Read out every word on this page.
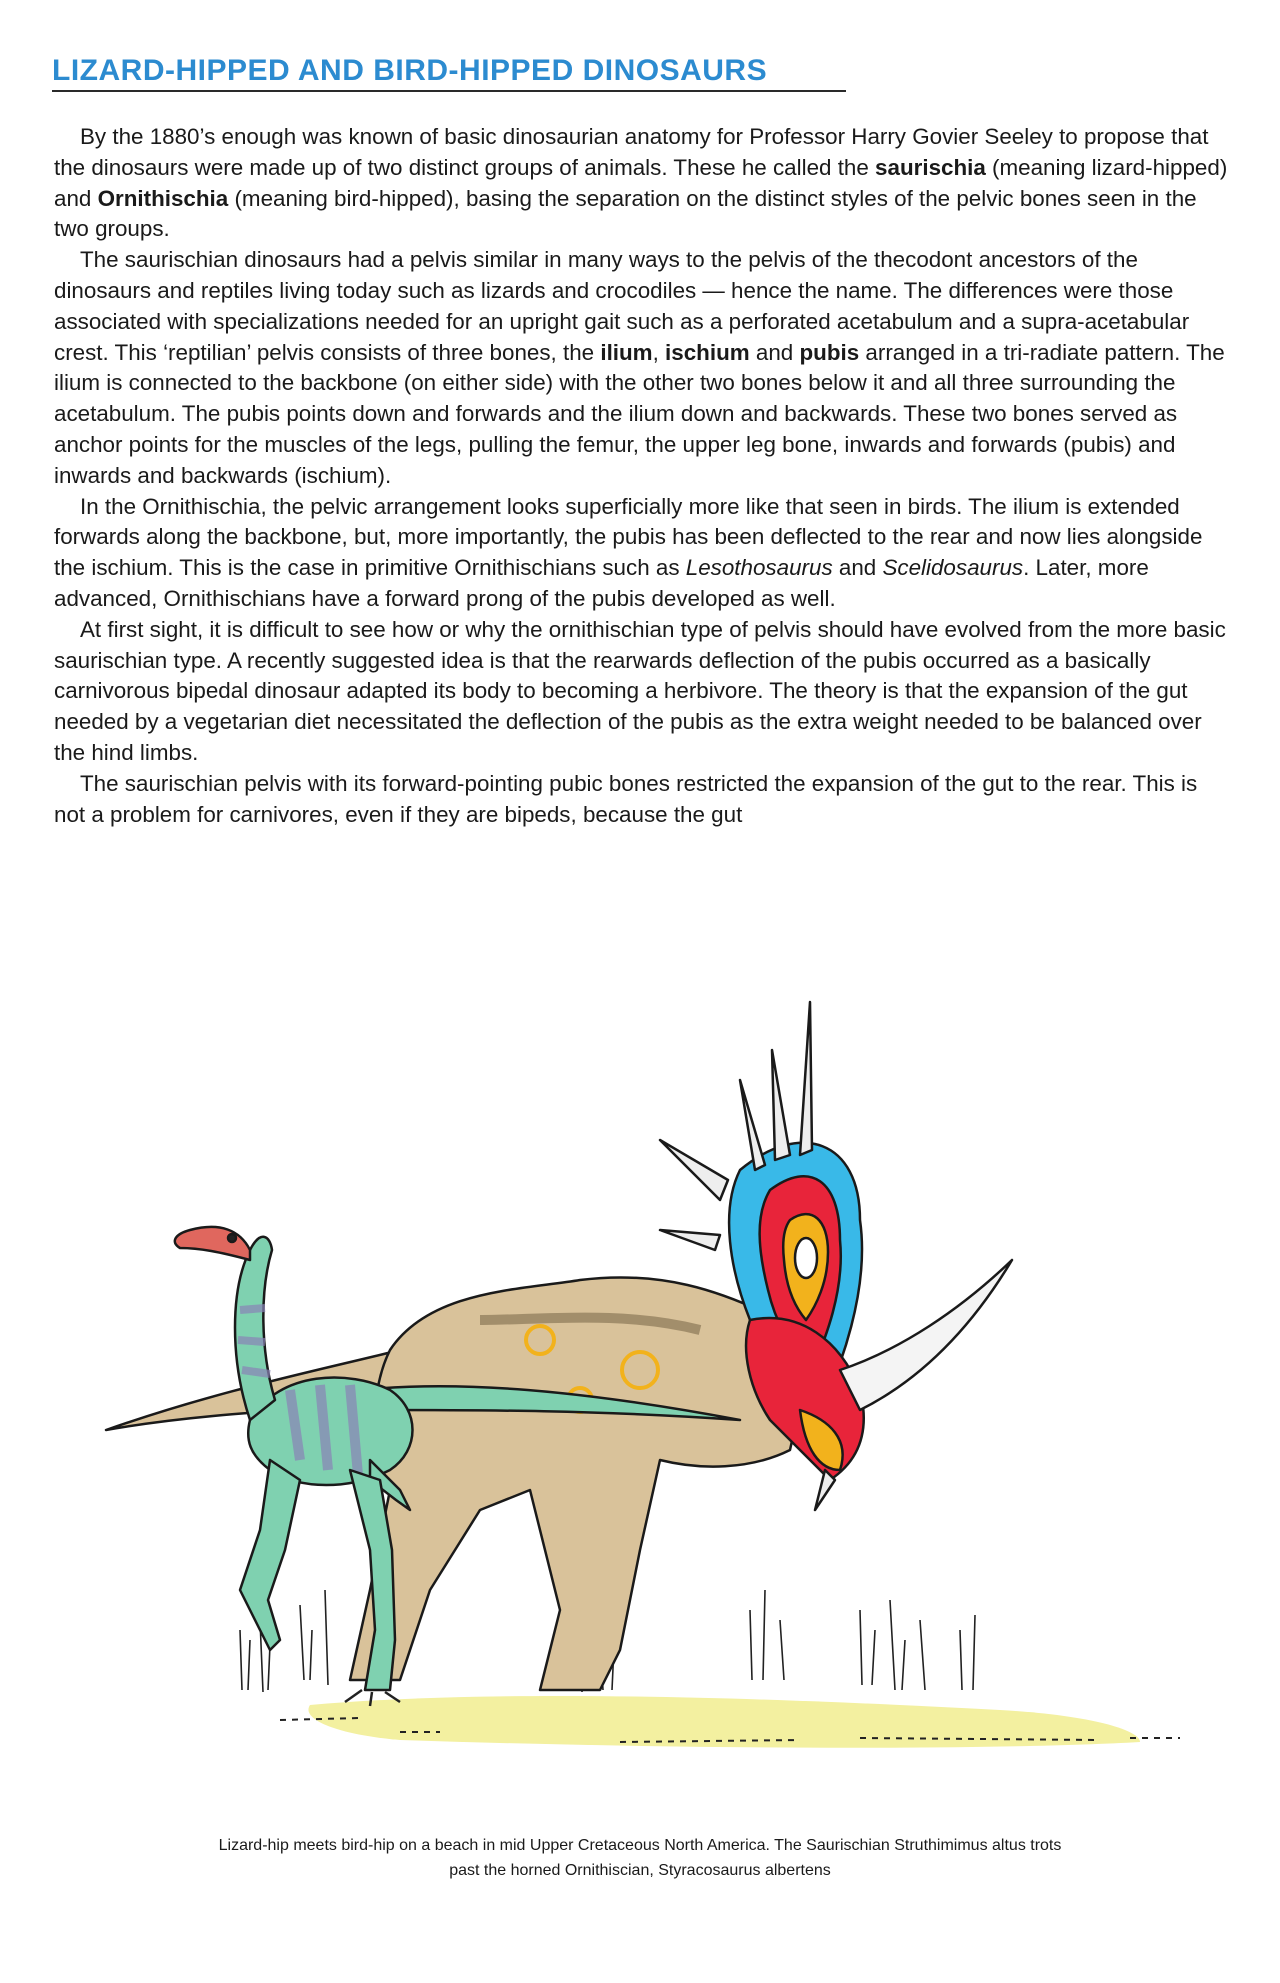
LIZARD-HIPPED AND BIRD-HIPPED DINOSAURS

By the 1880’s enough was known of basic dinosaurian anatomy for Professor Harry Govier Seeley to propose that the dinosaurs were made up of two distinct groups of animals. These he called the saurischia (meaning lizard-hipped) and Ornithischia (meaning bird-hipped), basing the separation on the distinct styles of the pelvic bones seen in the two groups.

The saurischian dinosaurs had a pelvis similar in many ways to the pelvis of the thecodont ancestors of the dinosaurs and reptiles living today such as lizards and crocodiles — hence the name. The differences were those associated with specializations needed for an upright gait such as a perforated acetabulum and a supra-acetabular crest. This ‘reptilian’ pelvis consists of three bones, the ilium, ischium and pubis arranged in a tri-radiate pattern. The ilium is connected to the backbone (on either side) with the other two bones below it and all three surrounding the acetabulum. The pubis points down and forwards and the ilium down and backwards. These two bones served as anchor points for the muscles of the legs, pulling the femur, the upper leg bone, inwards and forwards (pubis) and inwards and backwards (ischium).

In the Ornithischia, the pelvic arrangement looks superficially more like that seen in birds. The ilium is extended forwards along the backbone, but, more importantly, the pubis has been deflected to the rear and now lies alongside the ischium. This is the case in primitive Ornithischians such as Lesothosaurus and Scelidosaurus. Later, more advanced, Ornithischians have a forward prong of the pubis developed as well.

At first sight, it is difficult to see how or why the ornithischian type of pelvis should have evolved from the more basic saurischian type. A recently suggested idea is that the rearwards deflection of the pubis occurred as a basically carnivorous bipedal dinosaur adapted its body to becoming a herbivore. The theory is that the expansion of the gut needed by a vegetarian diet necessitated the deflection of the pubis as the extra weight needed to be balanced over the hind limbs.

The saurischian pelvis with its forward-pointing pubic bones restricted the expansion of the gut to the rear. This is not a problem for carnivores, even if they are bipeds, because the gut

Lizard-hip meets bird-hip on a beach in mid Upper Cretaceous North America. The Saurischian Struthimimus altus trots
past the horned Ornithiscian, Styracosaurus albertens
